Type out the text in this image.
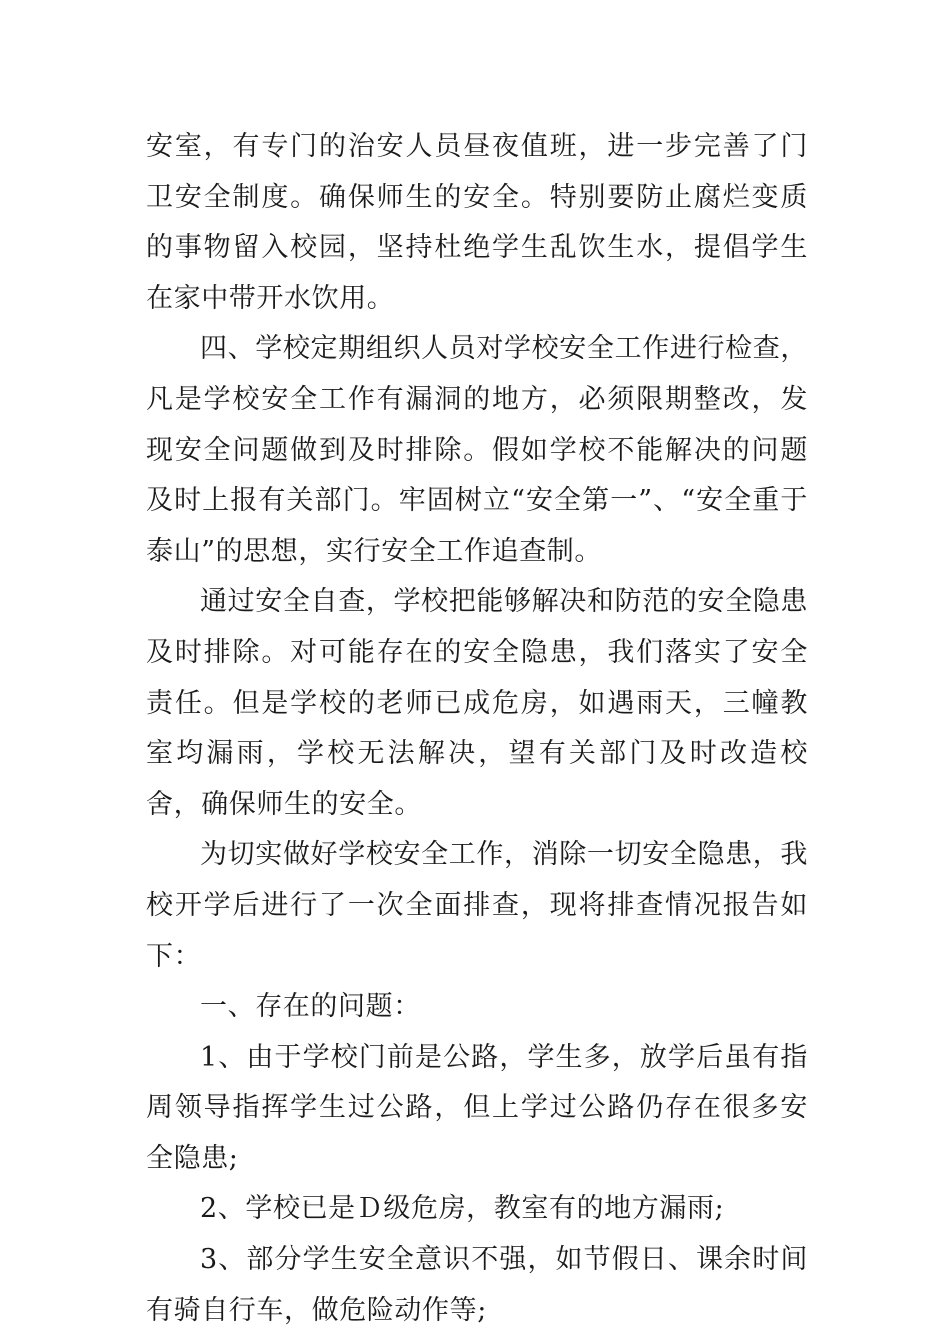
安室，有专门的治安人员昼夜值班，进一步完善了门卫安全制度。确保师生的安全。特别要防止腐烂变质的事物留入校园，坚持杜绝学生乱饮生水，提倡学生在家中带开水饮用。

四、学校定期组织人员对学校安全工作进行检查，凡是学校安全工作有漏洞的地方，必须限期整改，发现安全问题做到及时排除。假如学校不能解决的问题及时上报有关部门。牢固树立“安全第一”、“安全重于泰山”的思想，实行安全工作追查制。

通过安全自查，学校把能够解决和防范的安全隐患及时排除。对可能存在的安全隐患，我们落实了安全责任。但是学校的老师已成危房，如遇雨天，三幢教室均漏雨，学校无法解决，望有关部门及时改造校舍，确保师生的安全。

为切实做好学校安全工作，消除一切安全隐患，我校开学后进行了一次全面排查，现将排查情况报告如下：

一、存在的问题：

1、由于学校门前是公路，学生多，放学后虽有指周领导指挥学生过公路，但上学过公路仍存在很多安全隐患;

2、学校已是Ｄ级危房，教室有的地方漏雨;

3、部分学生安全意识不强，如节假日、课余时间有骑自行车，做危险动作等;
